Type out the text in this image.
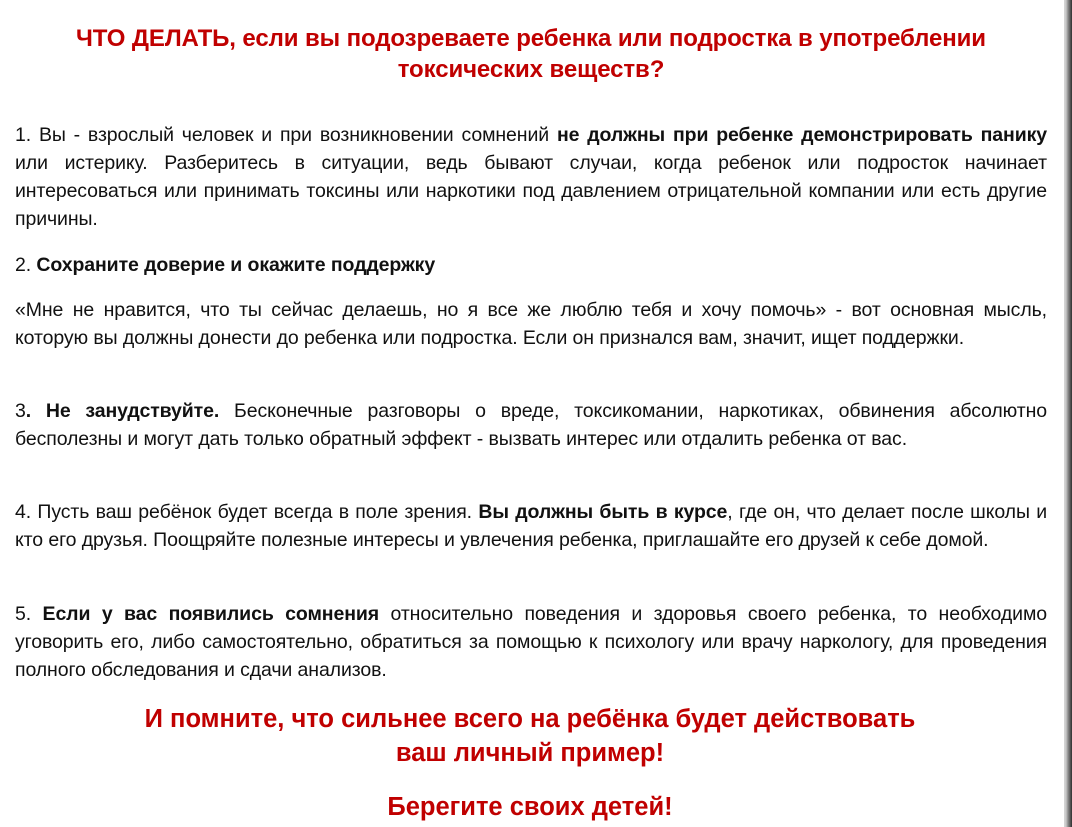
ЧТО ДЕЛАТЬ, если вы подозреваете ребенка или подростка в употреблении токсических веществ?

1. Вы - взрослый человек и при возникновении сомнений не должны при ребенке демонстрировать панику или истерику. Разберитесь в ситуации, ведь бывают случаи, когда ребенок или подросток начинает интересоваться или принимать токсины или наркотики под давлением отрицательной компании или есть другие причины.

2. Сохраните доверие и окажите поддержку

«Мне не нравится, что ты сейчас делаешь, но я все же люблю тебя и хочу помочь» - вот основная мысль, которую вы должны донести до ребенка или подростка. Если он признался вам, значит, ищет поддержки.

3. Не занудствуйте. Бесконечные разговоры о вреде, токсикомании, наркотиках, обвинения абсолютно бесполезны и могут дать только обратный эффект - вызвать интерес или отдалить ребенка от вас.

4. Пусть ваш ребёнок будет всегда в поле зрения. Вы должны быть в курсе, где он, что делает после школы и кто его друзья. Поощряйте полезные интересы и увлечения ребенка, приглашайте его друзей к себе домой.

5. Если у вас появились сомнения относительно поведения и здоровья своего ребенка, то необходимо уговорить его, либо самостоятельно, обратиться за помощью к психологу или врачу наркологу, для проведения полного обследования и сдачи анализов.

И помните, что сильнее всего на ребёнка будет действовать

ваш личный пример!

Берегите своих детей!
